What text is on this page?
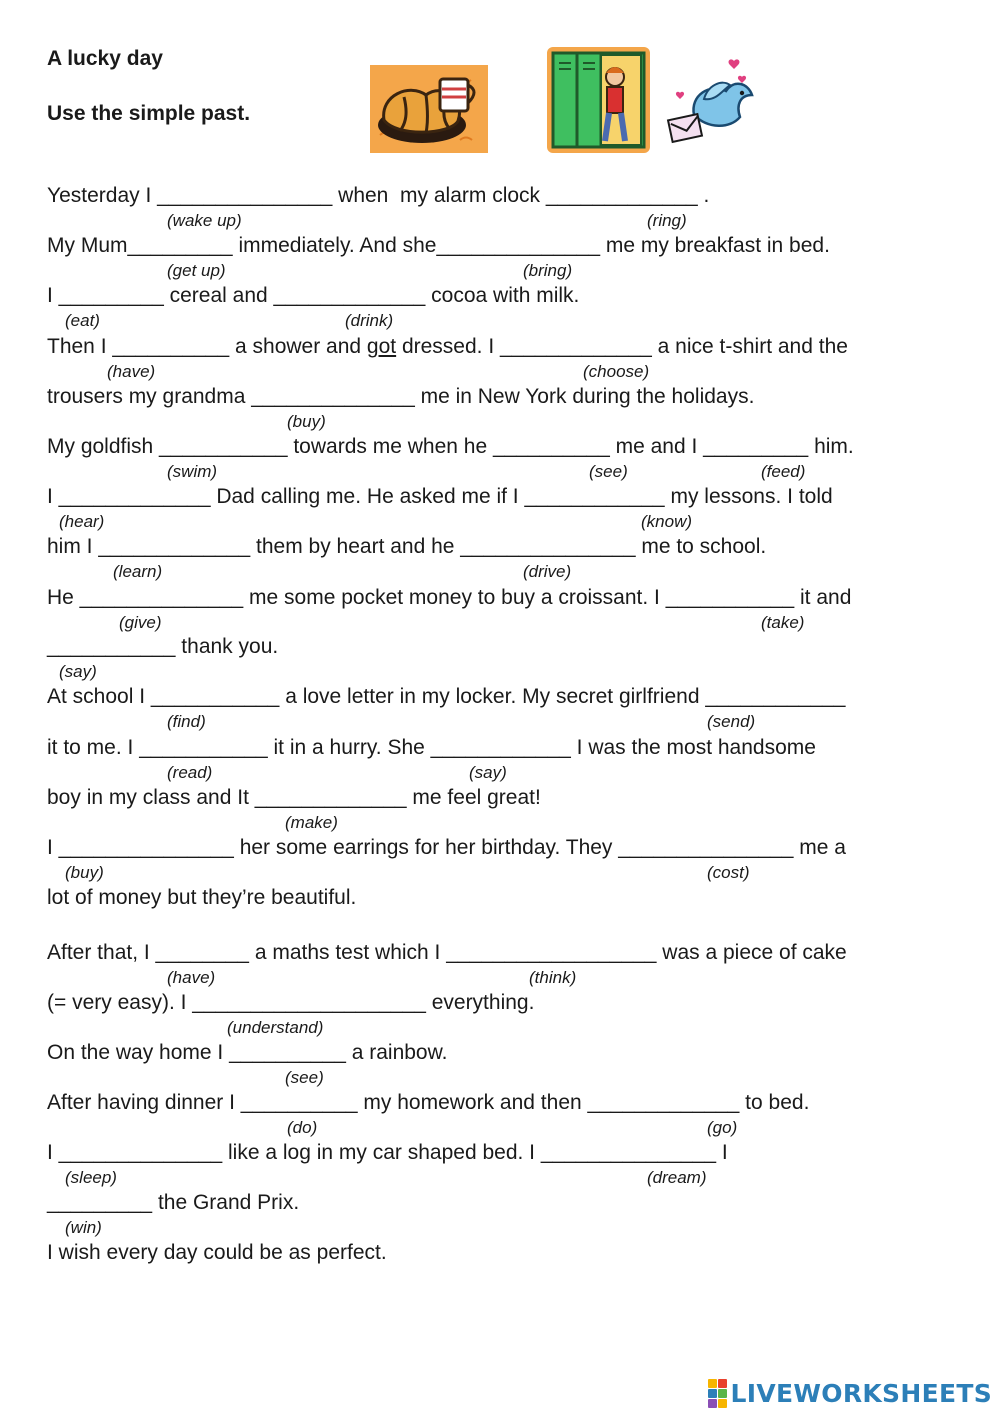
A lucky day

Use the simple past.

Yesterday I _______________ when  my alarm clock _____________ .

My Mum_________ immediately. And she______________ me my breakfast in bed.

I _________ cereal and _____________ cocoa with milk.

Then I __________ a shower and got dressed. I _____________ a nice t-shirt and the

trousers my grandma ______________ me in New York during the holidays.

My goldfish ___________ towards me when he __________ me and I _________ him.

I _____________ Dad calling me. He asked me if I ____________ my lessons. I told

him I _____________ them by heart and he _______________ me to school.

He ______________ me some pocket money to buy a croissant. I ___________ it and

___________ thank you.

At school I ___________ a love letter in my locker. My secret girlfriend ____________

it to me. I ___________ it in a hurry. She ____________ I was the most handsome

boy in my class and It _____________ me feel great!

I _______________ her some earrings for her birthday. They _______________ me a

lot of money but they’re beautiful.

After that, I ________ a maths test which I __________________ was a piece of cake

(= very easy). I ____________________ everything.

On the way home I __________ a rainbow.

After having dinner I __________ my homework and then _____________ to bed.

I ______________ like a log in my car shaped bed. I _______________ I

_________ the Grand Prix.

I wish every day could be as perfect.

(wake up)	(ring)
(get up)	(bring)
(eat)	(drink)
(have)	(choose)
(buy)
(swim)	(see)	(feed)
(hear)	(know)
(learn)	(drive)
(give)	(take)
(say)
(find)	(send)
(read)	(say)
(make)
(buy)	(cost)
(have)	(think)
(understand)
(see)
(do)	(go)
(sleep)	(dream)
(win)
LIVEWORKSHEETS
